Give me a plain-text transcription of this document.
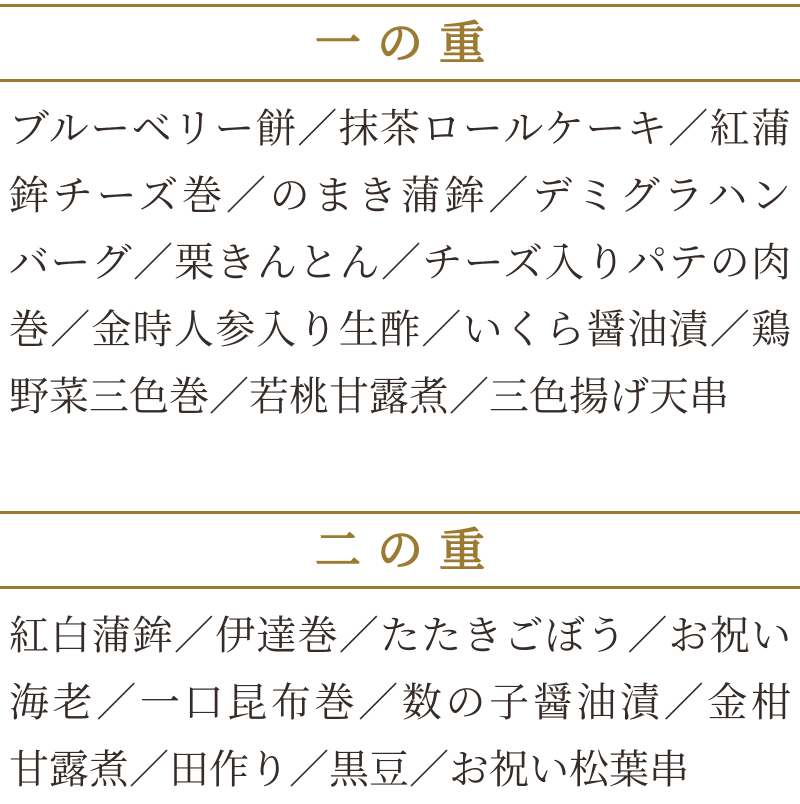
一の重
ブルーベリー餅／抹茶ロールケーキ／紅蒲
鉾チーズ巻／のまき蒲鉾／デミグラハン
バーグ／栗きんとん／チーズ入りパテの肉
巻／金時人参入り生酢／いくら醤油漬／鶏
野菜三色巻／若桃甘露煮／三色揚げ天串
二の重
紅白蒲鉾／伊達巻／たたきごぼう／お祝い
海老／一口昆布巻／数の子醤油漬／金柑
甘露煮／田作り／黒豆／お祝い松葉串
